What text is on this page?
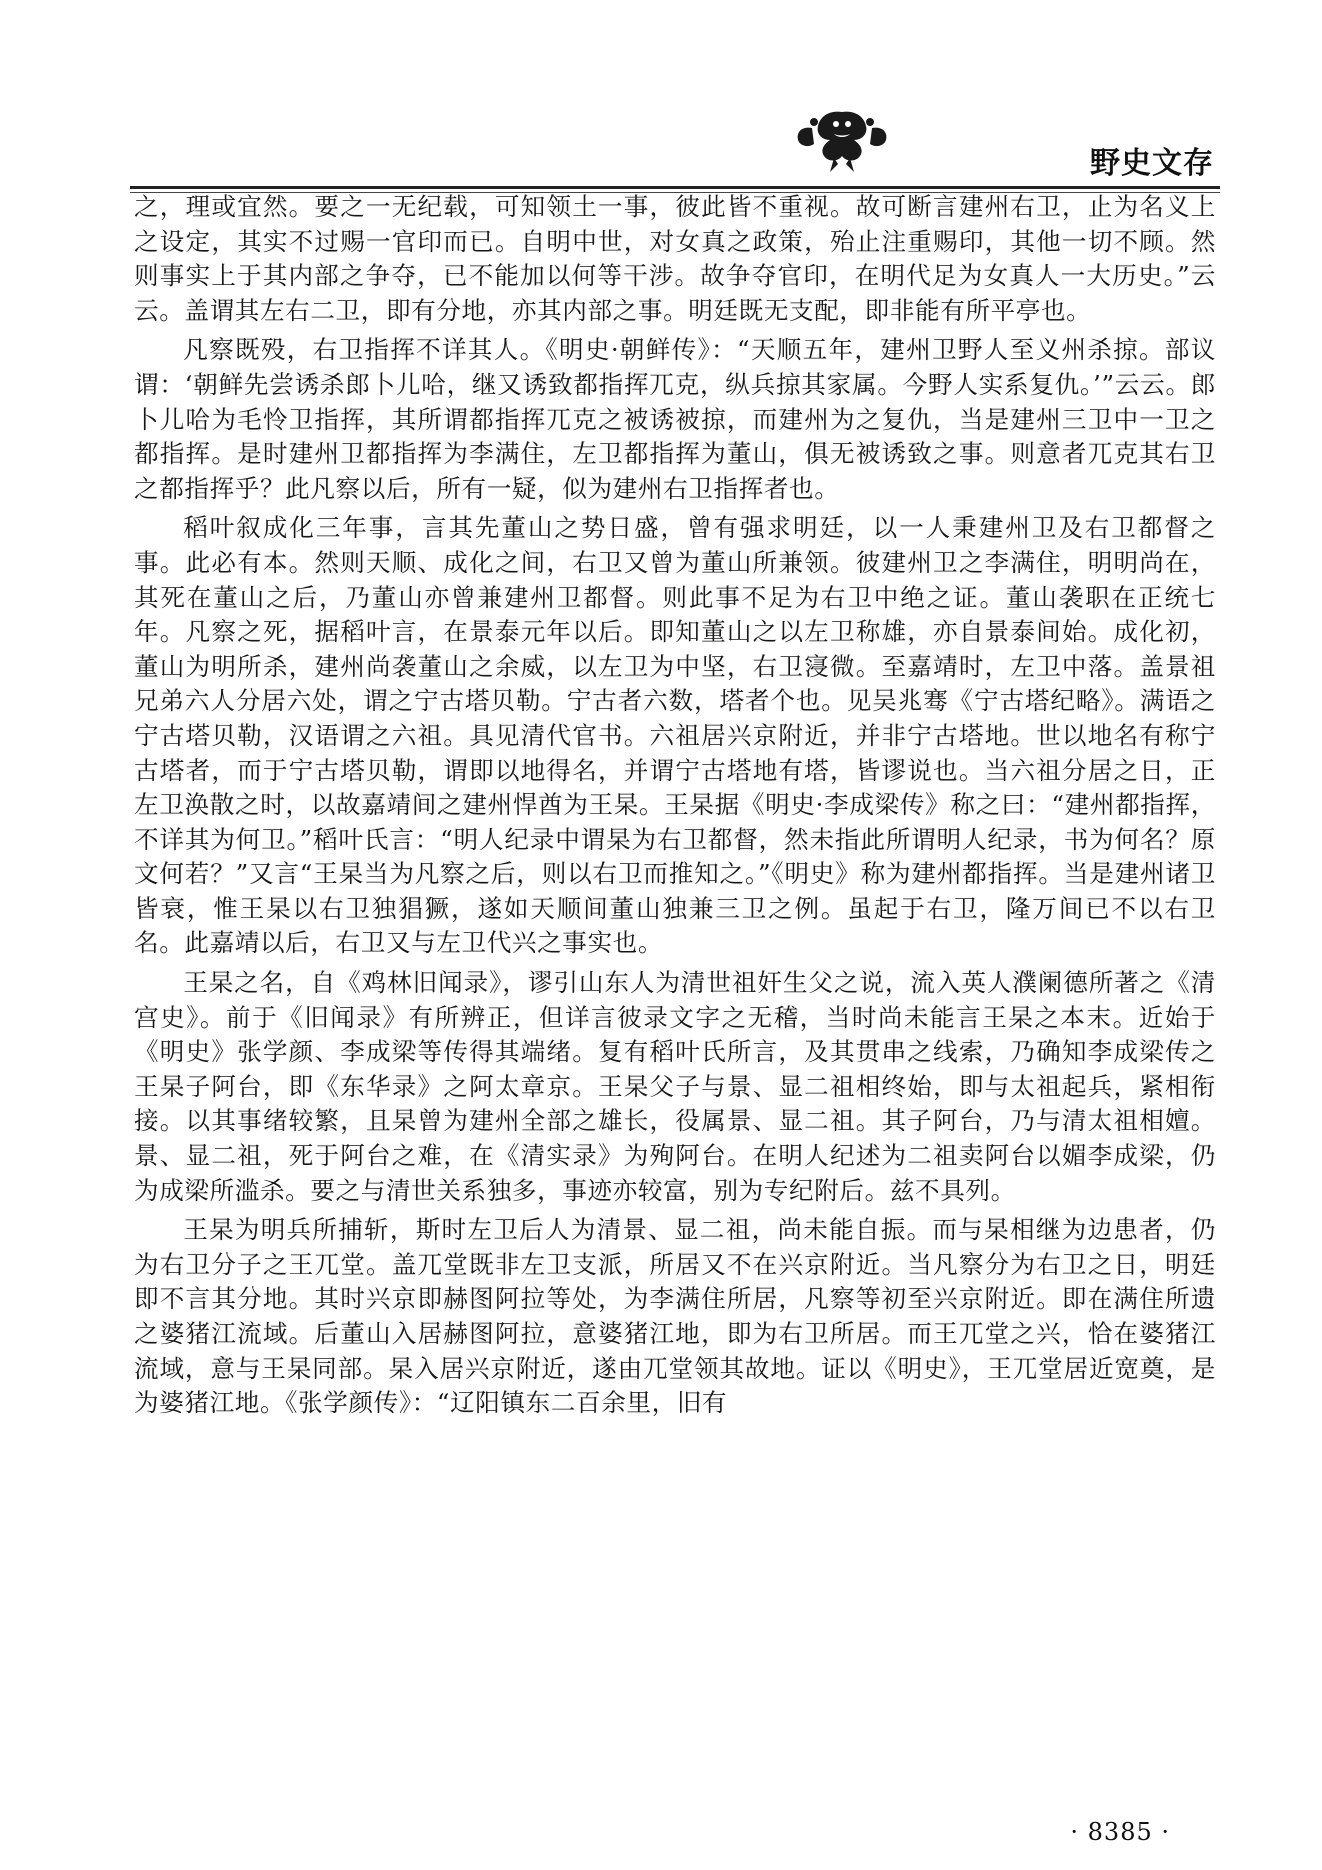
野史文存

之，理或宜然。要之一无纪载，可知领土一事，彼此皆不重视。故可断言建州右卫，止为名义上之设定，其实不过赐一官印而已。自明中世，对女真之政策，殆止注重赐印，其他一切不顾。然则事实上于其内部之争夺，已不能加以何等干涉。故争夺官印，在明代足为女真人一大历史。”云云。盖谓其左右二卫，即有分地，亦其内部之事。明廷既无支配，即非能有所平亭也。

凡察既殁，右卫指挥不详其人。《明史·朝鲜传》：“天顺五年，建州卫野人至义州杀掠。部议谓：‘朝鲜先尝诱杀郎卜儿哈，继又诱致都指挥兀克，纵兵掠其家属。今野人实系复仇。’”云云。郎卜儿哈为毛怜卫指挥，其所谓都指挥兀克之被诱被掠，而建州为之复仇，当是建州三卫中一卫之都指挥。是时建州卫都指挥为李满住，左卫都指挥为董山，俱无被诱致之事。则意者兀克其右卫之都指挥乎？此凡察以后，所有一疑，似为建州右卫指挥者也。

稻叶叙成化三年事，言其先董山之势日盛，曾有强求明廷，以一人秉建州卫及右卫都督之事。此必有本。然则天顺、成化之间，右卫又曾为董山所兼领。彼建州卫之李满住，明明尚在，其死在董山之后，乃董山亦曾兼建州卫都督。则此事不足为右卫中绝之证。董山袭职在正统七年。凡察之死，据稻叶言，在景泰元年以后。即知董山之以左卫称雄，亦自景泰间始。成化初，董山为明所杀，建州尚袭董山之余威，以左卫为中坚，右卫寖微。至嘉靖时，左卫中落。盖景祖兄弟六人分居六处，谓之宁古塔贝勒。宁古者六数，塔者个也。见吴兆骞《宁古塔纪略》。满语之宁古塔贝勒，汉语谓之六祖。具见清代官书。六祖居兴京附近，并非宁古塔地。世以地名有称宁古塔者，而于宁古塔贝勒，谓即以地得名，并谓宁古塔地有塔，皆谬说也。当六祖分居之日，正左卫涣散之时，以故嘉靖间之建州悍酋为王杲。王杲据《明史·李成梁传》称之曰：“建州都指挥，不详其为何卫。”稻叶氏言：“明人纪录中谓杲为右卫都督，然未指此所谓明人纪录，书为何名？原文何若？”又言“王杲当为凡察之后，则以右卫而推知之。”《明史》称为建州都指挥。当是建州诸卫皆衰，惟王杲以右卫独猖獗，遂如天顺间董山独兼三卫之例。虽起于右卫，隆万间已不以右卫名。此嘉靖以后，右卫又与左卫代兴之事实也。

王杲之名，自《鸡林旧闻录》，谬引山东人为清世祖奸生父之说，流入英人濮阑德所著之《清宫史》。前于《旧闻录》有所辨正，但详言彼录文字之无稽，当时尚未能言王杲之本末。近始于《明史》张学颜、李成梁等传得其端绪。复有稻叶氏所言，及其贯串之线索，乃确知李成梁传之王杲子阿台，即《东华录》之阿太章京。王杲父子与景、显二祖相终始，即与太祖起兵，紧相衔接。以其事绪较繁，且杲曾为建州全部之雄长，役属景、显二祖。其子阿台，乃与清太祖相嬗。景、显二祖，死于阿台之难，在《清实录》为殉阿台。在明人纪述为二祖卖阿台以媚李成梁，仍为成梁所滥杀。要之与清世关系独多，事迹亦较富，别为专纪附后。兹不具列。

王杲为明兵所捕斩，斯时左卫后人为清景、显二祖，尚未能自振。而与杲相继为边患者，仍为右卫分子之王兀堂。盖兀堂既非左卫支派，所居又不在兴京附近。当凡察分为右卫之日，明廷即不言其分地。其时兴京即赫图阿拉等处，为李满住所居，凡察等初至兴京附近。即在满住所遗之婆猪江流域。后董山入居赫图阿拉，意婆猪江地，即为右卫所居。而王兀堂之兴，恰在婆猪江流域，意与王杲同部。杲入居兴京附近，遂由兀堂领其故地。证以《明史》，王兀堂居近宽奠，是为婆猪江地。《张学颜传》：“辽阳镇东二百余里，旧有

· 8385 ·
